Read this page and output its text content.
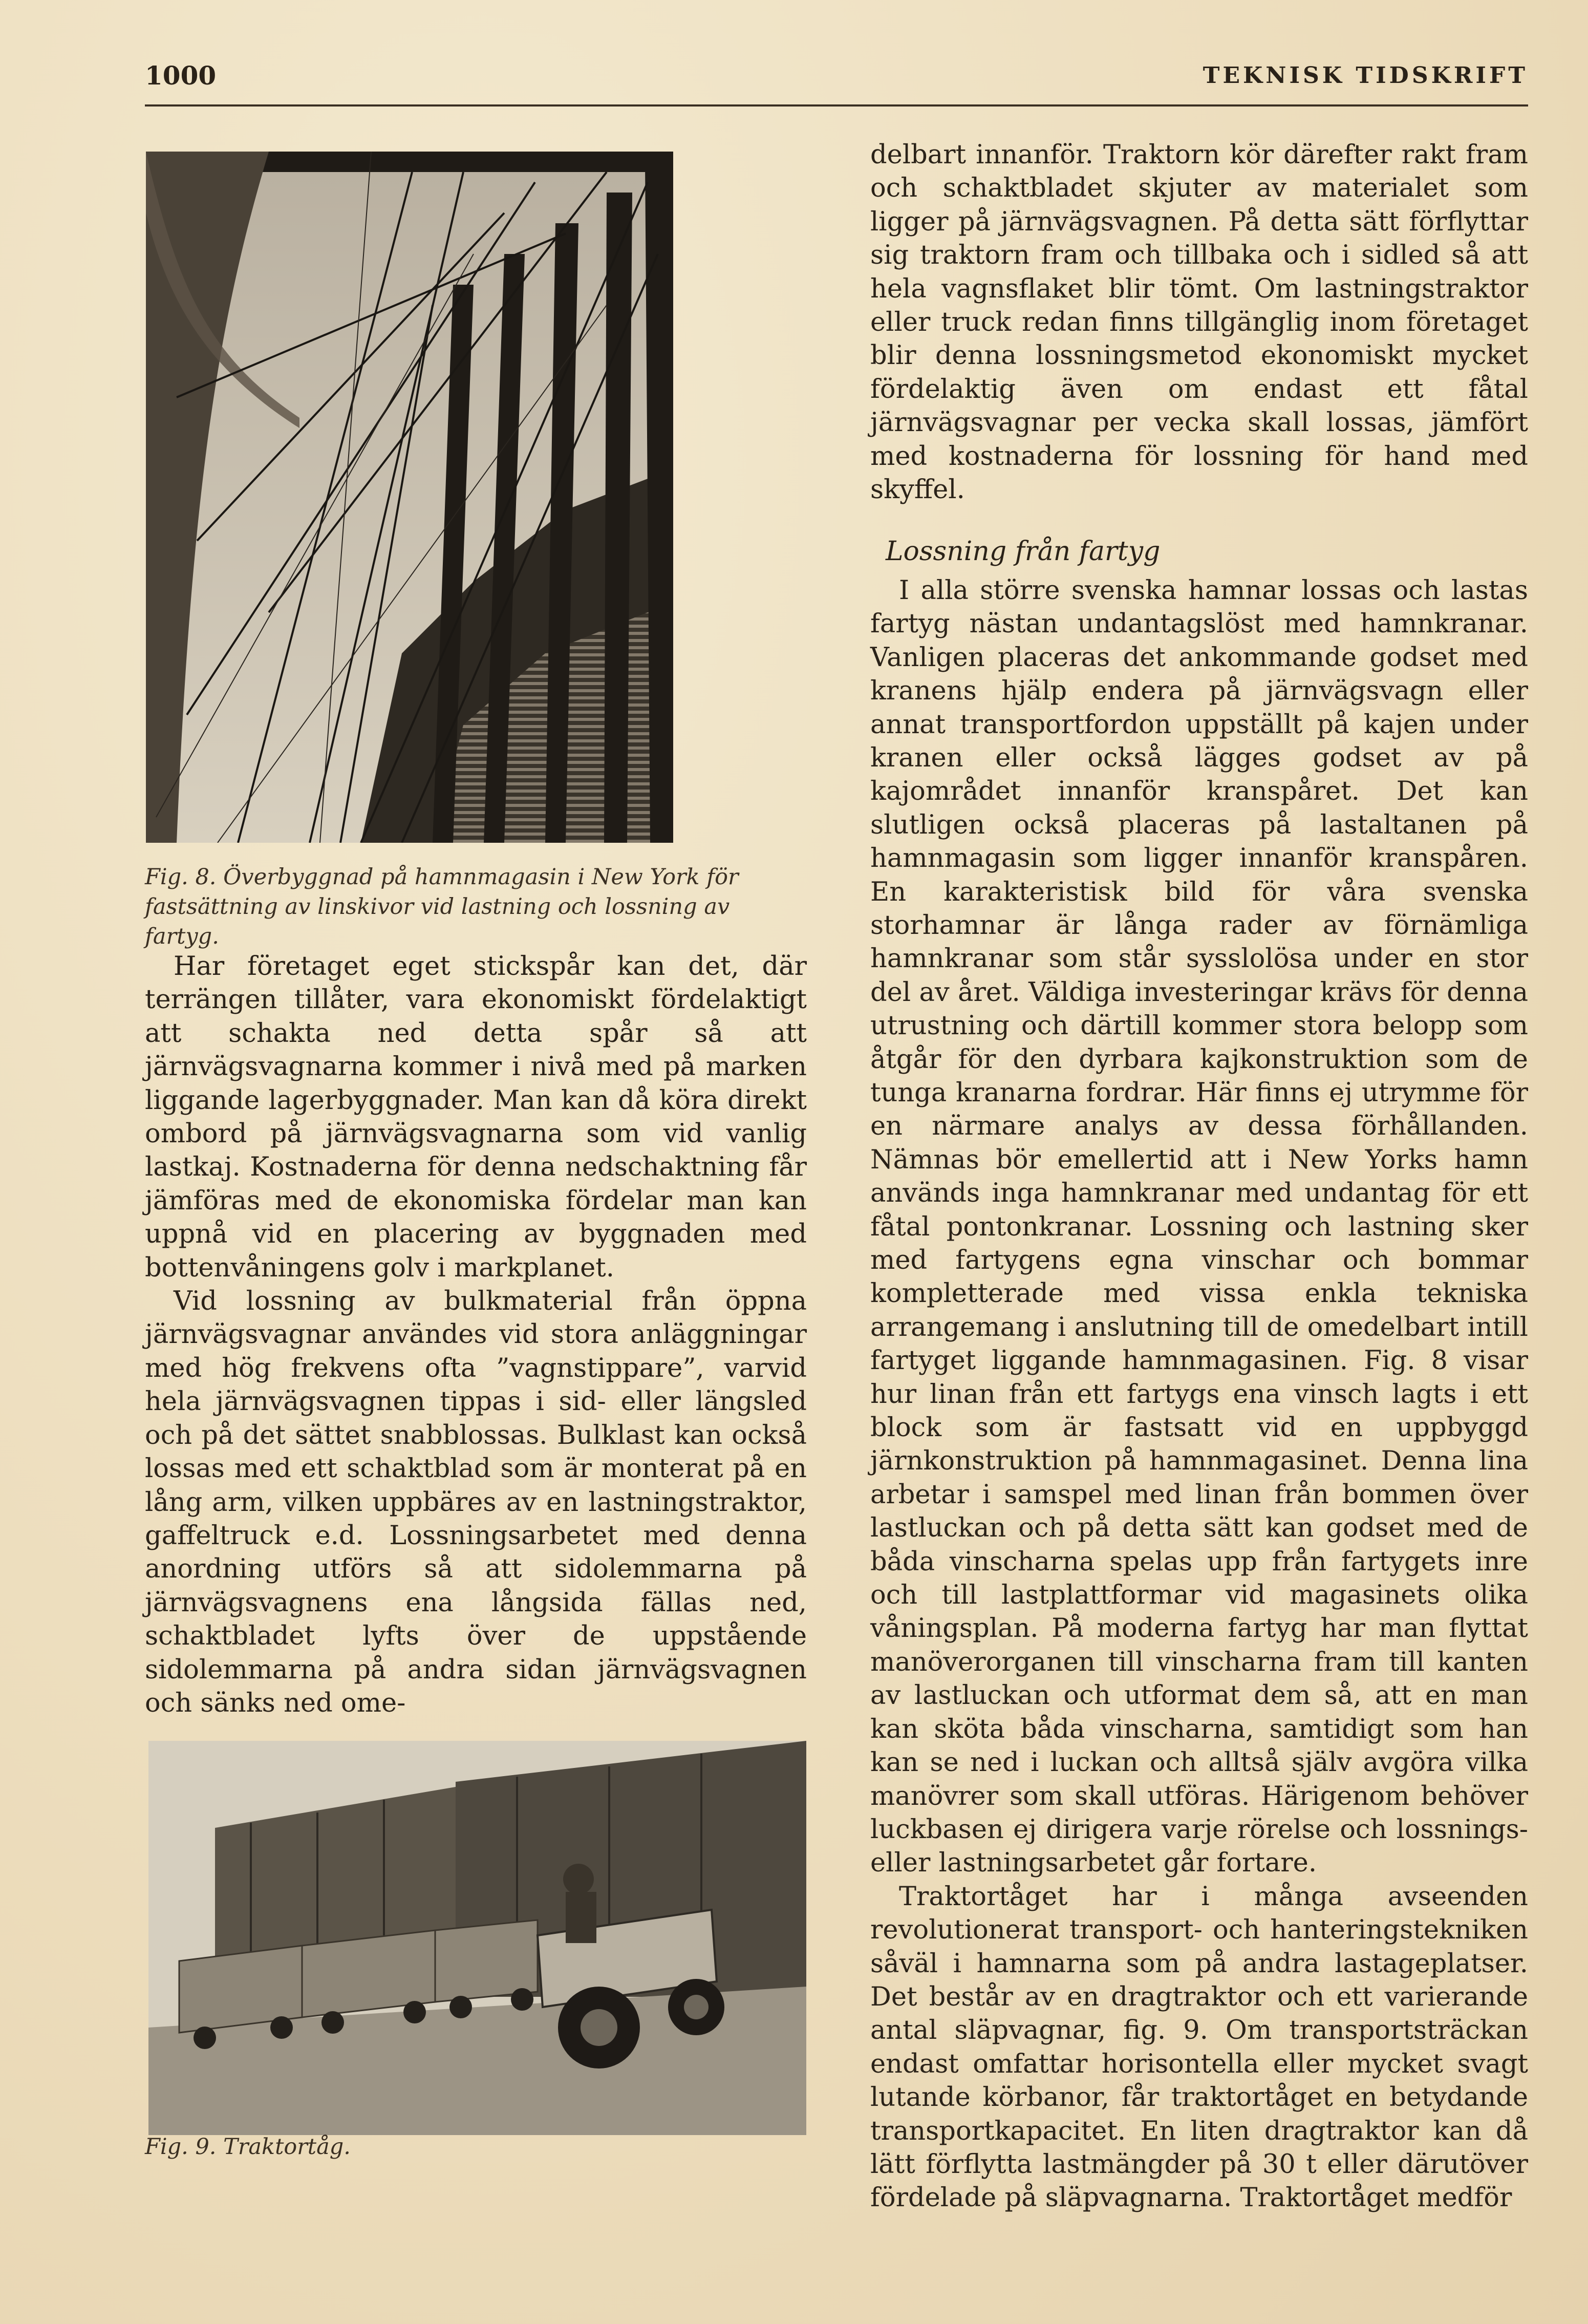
1000	TEKNISK TIDSKRIFT
Fig. 8. Överbyggnad på hamnmagasin i New York för fastsättning av linskivor vid lastning och lossning av fartyg.

Har företaget eget stickspår kan det, där terrängen tillåter, vara ekonomiskt fördelaktigt att schakta ned detta spår så att järnvägsvagnarna kommer i nivå med på marken liggande lagerbyggnader. Man kan då köra direkt ombord på järnvägsvagnarna som vid vanlig lastkaj. Kostnaderna för denna nedschaktning får jämföras med de ekonomiska fördelar man kan uppnå vid en placering av byggnaden med bottenvåningens golv i markplanet.

Vid lossning av bulkmaterial från öppna järnvägsvagnar användes vid stora anläggningar med hög frekvens ofta ”vagnstippare”, varvid hela järnvägsvagnen tippas i sid- eller längsled och på det sättet snabblossas. Bulklast kan också lossas med ett schaktblad som är monterat på en lång arm, vilken uppbäres av en lastningstraktor, gaffeltruck e.d. Lossningsarbetet med denna anordning utförs så att sidolemmarna på järnvägsvagnens ena långsida fällas ned, schaktbladet lyfts över de uppstående sidolemmarna på andra sidan järnvägsvagnen och sänks ned ome-

Fig. 9. Traktortåg.

delbart innanför. Traktorn kör därefter rakt fram och schaktbladet skjuter av materialet som ligger på järnvägsvagnen. På detta sätt förflyttar sig traktorn fram och tillbaka och i sidled så att hela vagnsflaket blir tömt. Om lastningstraktor eller truck redan finns tillgänglig inom företaget blir denna lossningsmetod ekonomiskt mycket fördelaktig även om endast ett fåtal järnvägsvagnar per vecka skall lossas, jämfört med kostnaderna för lossning för hand med skyffel.

Lossning från fartyg

I alla större svenska hamnar lossas och lastas fartyg nästan undantagslöst med hamnkranar. Vanligen placeras det ankommande godset med kranens hjälp endera på järnvägsvagn eller annat transportfordon uppställt på kajen under kranen eller också lägges godset av på kajområdet innanför kranspåret. Det kan slutligen också placeras på lastaltanen på hamnmagasin som ligger innanför kranspåren. En karakteristisk bild för våra svenska storhamnar är långa rader av förnämliga hamnkranar som står sysslolösa under en stor del av året. Väldiga investeringar krävs för denna utrustning och därtill kommer stora belopp som åtgår för den dyrbara kajkonstruktion som de tunga kranarna fordrar. Här finns ej utrymme för en närmare analys av dessa förhållanden. Nämnas bör emellertid att i New Yorks hamn används inga hamnkranar med undantag för ett fåtal pontonkranar. Lossning och lastning sker med fartygens egna vinschar och bommar kompletterade med vissa enkla tekniska arrangemang i anslutning till de omedelbart intill fartyget liggande hamnmagasinen. Fig. 8 visar hur linan från ett fartygs ena vinsch lagts i ett block som är fastsatt vid en uppbyggd järnkonstruktion på hamnmagasinet. Denna lina arbetar i samspel med linan från bommen över lastluckan och på detta sätt kan godset med de båda vinscharna spelas upp från fartygets inre och till lastplattformar vid magasinets olika våningsplan. På moderna fartyg har man flyttat manöverorganen till vinscharna fram till kanten av lastluckan och utformat dem så, att en man kan sköta båda vinscharna, samtidigt som han kan se ned i luckan och alltså själv avgöra vilka manövrer som skall utföras. Härigenom behöver luckbasen ej dirigera varje rörelse och lossnings- eller lastningsarbetet går fortare.

Traktortåget har i många avseenden revolutionerat transport- och hanteringstekniken såväl i hamnarna som på andra lastageplatser. Det består av en dragtraktor och ett varierande antal släpvagnar, fig. 9. Om transportsträckan endast omfattar horisontella eller mycket svagt lutande körbanor, får traktortåget en betydande transportkapacitet. En liten dragtraktor kan då lätt förflytta lastmängder på 30 t eller därutöver fördelade på släpvagnarna. Traktortåget medför
